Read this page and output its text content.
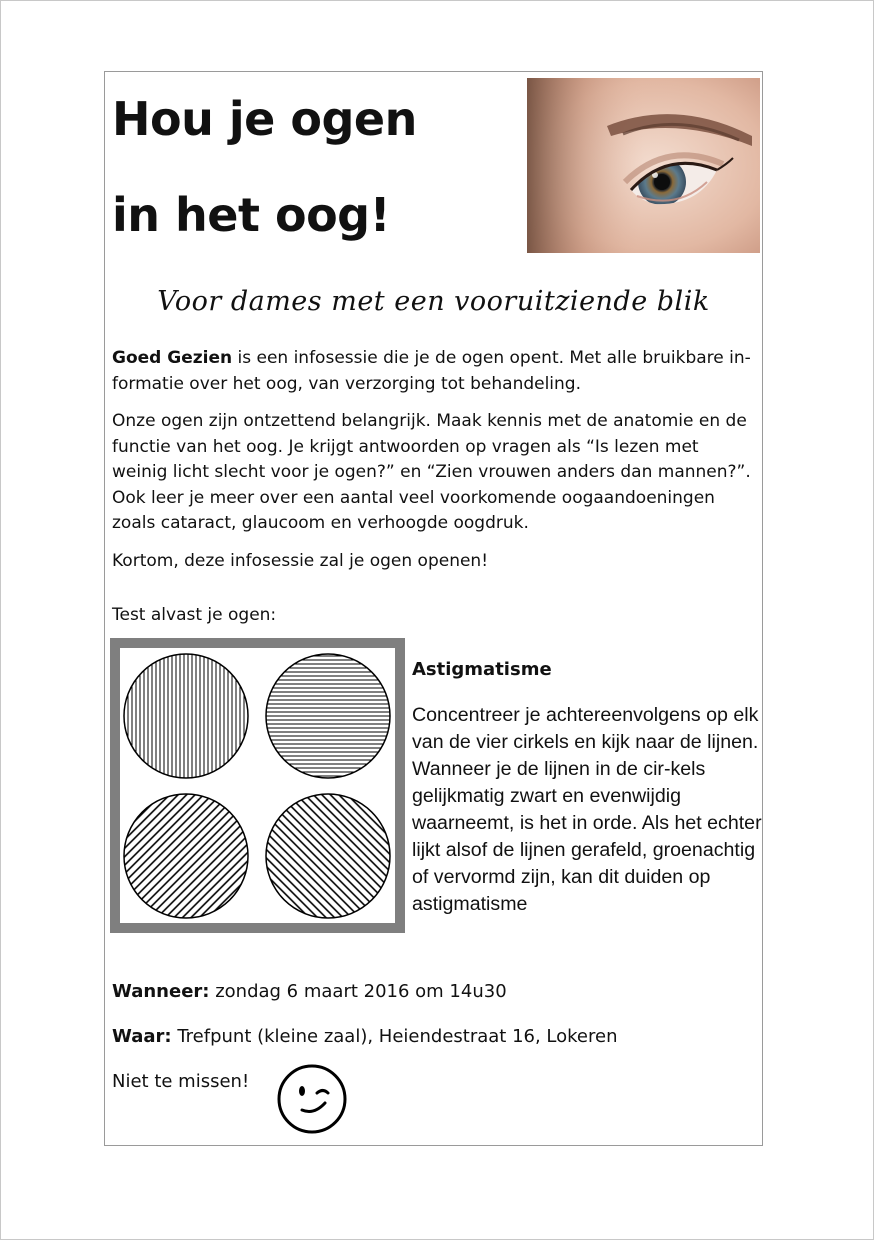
Hou je ogen
in het oog!
Voor dames met een vooruitziende blik

Goed Gezien is een infosessie die je de ogen opent. Met alle bruikbare in-formatie over het oog, van verzorging tot behandeling.

Onze ogen zijn ontzettend belangrijk. Maak kennis met de anatomie en de functie van het oog. Je krijgt antwoorden op vragen als “Is lezen met weinig licht slecht voor je ogen?” en “Zien vrouwen anders dan mannen?”. Ook leer je meer over een aantal veel voorkomende oogaandoeningen zoals cataract, glaucoom en verhoogde oogdruk.

Kortom, deze infosessie zal je ogen openen!

Test alvast je ogen:

Astigmatisme

Concentreer je achtereenvolgens op elk van de vier cirkels en kijk naar de lijnen. Wanneer je de lijnen in de cir-kels gelijkmatig zwart en evenwijdig waarneemt, is het in orde. Als het echter lijkt alsof de lijnen gerafeld, groenachtig of vervormd zijn, kan dit duiden op astigmatisme

Wanneer: zondag 6 maart 2016 om 14u30

Waar: Trefpunt (kleine zaal), Heiendestraat 16, Lokeren

Niet te missen!
